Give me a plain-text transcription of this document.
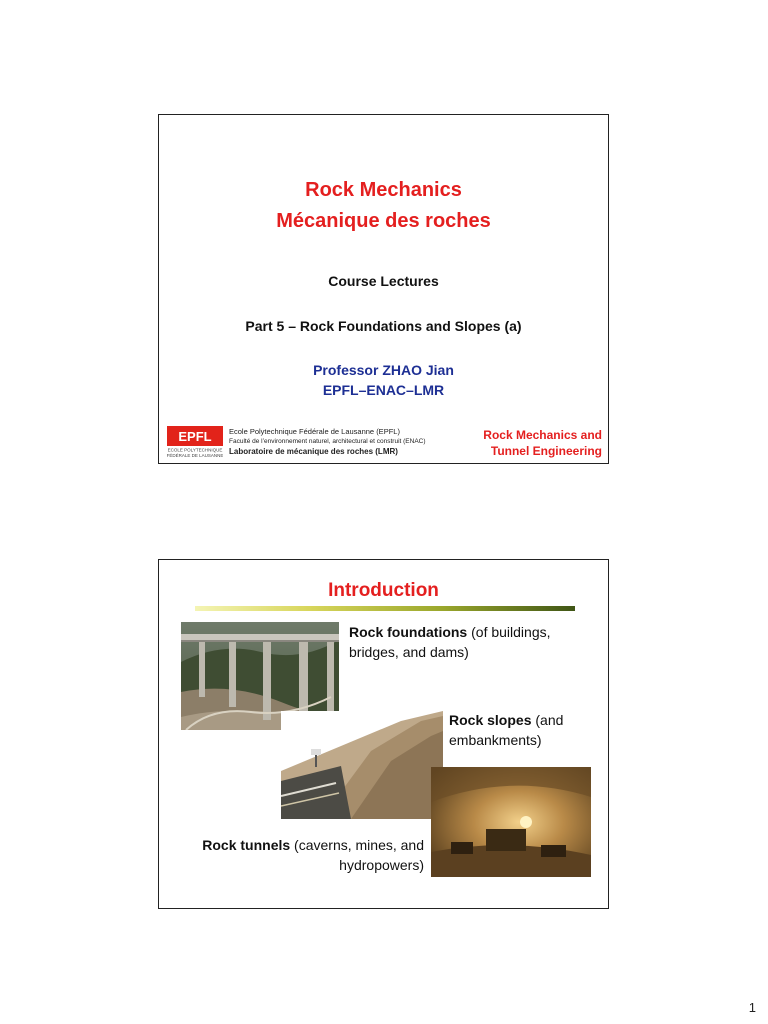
Rock Mechanics
Mécanique des roches
Course Lectures
Part 5 – Rock Foundations and Slopes (a)
Professor ZHAO Jian
EPFL–ENAC–LMR
EPFL
ECOLE POLYTECHNIQUE
FÉDÉRALE DE LAUSANNE
Ecole Polytechnique Fédérale de Lausanne (EPFL)
Faculté de l’environnement naturel, architectural et construit (ENAC)
Laboratoire de mécanique des roches (LMR)
Rock Mechanics and
Tunnel Engineering
Introduction
Rock foundations (of buildings, bridges, and dams)
Rock slopes (and embankments)
Rock tunnels (caverns, mines, and hydropowers)
1
